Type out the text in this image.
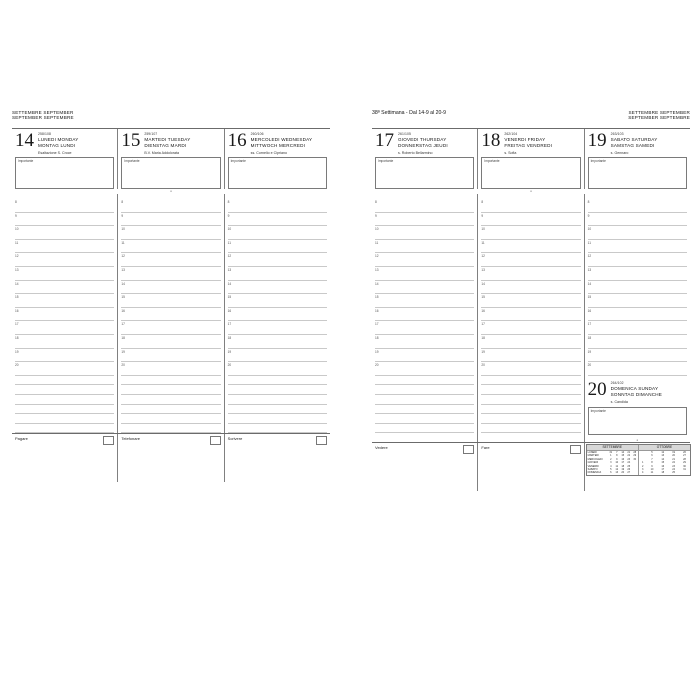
SETTEMBRE SEPTEMBER
SEPTEMBER SEPTEMBRE
14 258/108
LUNEDI MONDAY
MONTAG LUNDI
Esaltazione S. Croce
Importante
15 259/107
MARTEDI TUESDAY
DIENSTAG MARDI
B.V. Maria Addolorata
Importante
16 260/106
MERCOLEDI WEDNESDAY
MITTWOCH MERCREDI
ss. Cornelio e Cipriano
Importante
●
8
9
10
11
12
13
14
15
16
17
18
19
20
8
9
10
11
12
13
14
15
16
17
18
19
20
8
9
10
11
12
13
14
15
16
17
18
19
20
Pagare	Telefonare	Scrivere
38ª Settimana - Dal 14-9 al 20-9	SETTEMBRE SEPTEMBER
SEPTEMBER SEPTEMBRE
17 261/105
GIOVEDI THURSDAY
DONNERSTAG JEUDI
s. Roberto Bellarmino
Importante
18 262/104
VENERDI FRIDAY
FREITAG VENDREDI
s. Sofia
Importante
19 263/103
SABATO SATURDAY
SAMSTAG SAMEDI
s. Gennaro
Importante
●
8
9
10
11
12
13
14
15
16
17
18
19
20
8
9
10
11
12
13
14
15
16
17
18
19
20
8
9
10
11
12
13
14
15
16
17
18
19
20
20 264/102
DOMENICA SUNDAY
SONNTAG DIMANCHE
s. Candida
Importante
●
Vedere	Fare	SETTEMBRE
LUNEDI	31	7	14	21	28
MARTEDI	1	8	15	22	29
MERCOLEDI	2	9	16	23	30
GIOVEDI	3	10	17	24	
VENERDI	4	11	18	25	
SABATO	5	12	19	26	
DOMENICA	6	13	20	27	
OTTOBRE
	5	12	19	26
	6	13	20	27
	7	14	21	28
1	8	15	22	29
2	9	16	23	30
3	10	17	24	31
4	11	18	25	
